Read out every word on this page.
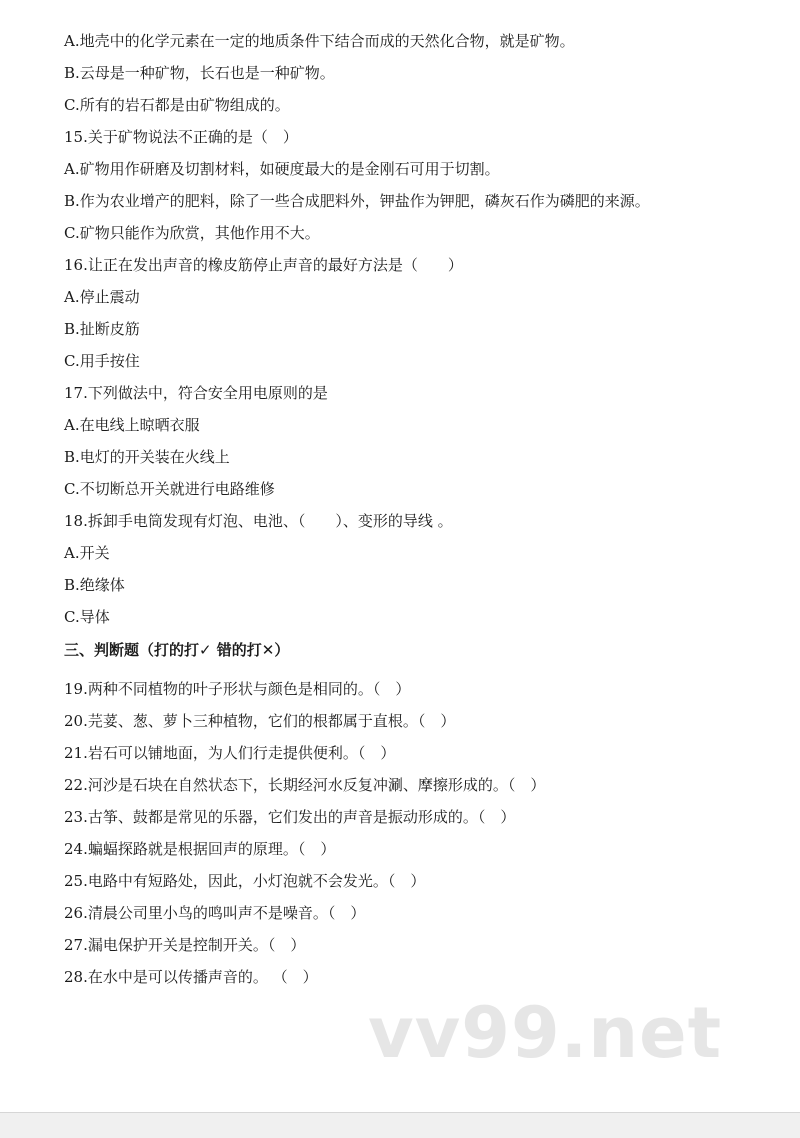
A.地壳中的化学元素在一定的地质条件下结合而成的天然化合物，就是矿物。
B.云母是一种矿物，长石也是一种矿物。
C.所有的岩石都是由矿物组成的。
15.关于矿物说法不正确的是（　）
A.矿物用作研磨及切割材料，如硬度最大的是金刚石可用于切割。
B.作为农业增产的肥料，除了一些合成肥料外，钾盐作为钾肥，磷灰石作为磷肥的来源。
C.矿物只能作为欣赏，其他作用不大。
16.让正在发出声音的橡皮筋停止声音的最好方法是（　　）
A.停止震动
B.扯断皮筋
C.用手按住
17.下列做法中，符合安全用电原则的是
A.在电线上晾晒衣服
B.电灯的开关装在火线上
C.不切断总开关就进行电路维修
18.拆卸手电筒发现有灯泡、电池、（　　）、变形的导线 。
A.开关
B.绝缘体
C.导体
三、判断题（打的打✓ 错的打✕）
19.两种不同植物的叶子形状与颜色是相同的。（　）
20.芫荽、葱、萝卜三种植物，它们的根都属于直根。（　）
21.岩石可以铺地面，为人们行走提供便利。（　）
22.河沙是石块在自然状态下，长期经河水反复冲涮、摩擦形成的。（　）
23.古筝、鼓都是常见的乐器，它们发出的声音是振动形成的。（　）
24.蝙蝠探路就是根据回声的原理。（　）
25.电路中有短路处，因此，小灯泡就不会发光。（　）
26.清晨公司里小鸟的鸣叫声不是噪音。（　）
27.漏电保护开关是控制开关。（　）
28.在水中是可以传播声音的。 （　）
vv99.net
